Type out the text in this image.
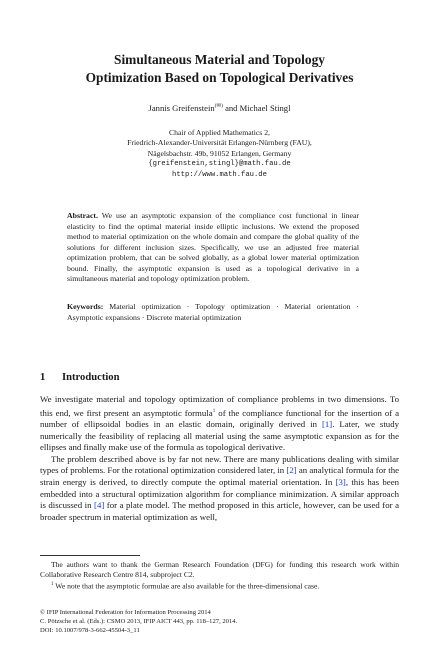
Simultaneous Material and Topology
Optimization Based on Topological Derivatives
Jannis Greifenstein(✉) and Michael Stingl
Chair of Applied Mathematics 2,
Friedrich-Alexander-Universität Erlangen-Nürnberg (FAU),
Nägelsbachstr. 49b, 91052 Erlangen, Germany
{greifenstein,stingl}@math.fau.de
http://www.math.fau.de
Abstract. We use an asymptotic expansion of the compliance cost functional in linear elasticity to find the optimal material inside elliptic inclusions. We extend the proposed method to material optimization on the whole domain and compare the global quality of the solutions for different inclusion sizes. Specifically, we use an adjusted free material optimization problem, that can be solved globally, as a global lower material optimization bound. Finally, the asymptotic expansion is used as a topological derivative in a simultaneous material and topology optimization problem.
Keywords: Material optimization · Topology optimization · Material orientation · Asymptotic expansions · Discrete material optimization
1 Introduction

We investigate material and topology optimization of compliance problems in two dimensions. To this end, we first present an asymptotic formula$^1$ of the compliance functional for the insertion of a number of ellipsoidal bodies in an elastic domain, originally derived in [1]. Later, we study numerically the feasibility of replacing all material using the same asymptotic expansion as for the ellipses and finally make use of the formula as topological derivative.

The problem described above is by far not new. There are many publications dealing with similar types of problems. For the rotational optimization considered later, in [2] an analytical formula for the strain energy is derived, to directly compute the optimal material orientation. In [3], this has been embedded into a structural optimization algorithm for compliance minimization. A similar approach is discussed in [4] for a plate model. The method proposed in this article, however, can be used for a broader spectrum in material optimization as well,

The authors want to thank the German Research Foundation (DFG) for funding this research work within Collaborative Research Centre 814, subproject C2.

$^1$ We note that the asymptotic formulae are also available for the three-dimensional case.

© IFIP International Federation for Information Processing 2014
C. Pötzsche et al. (Eds.): CSMO 2013, IFIP AICT 443, pp. 118–127, 2014.
DOI: 10.1007/978-3-662-45504-3_11
